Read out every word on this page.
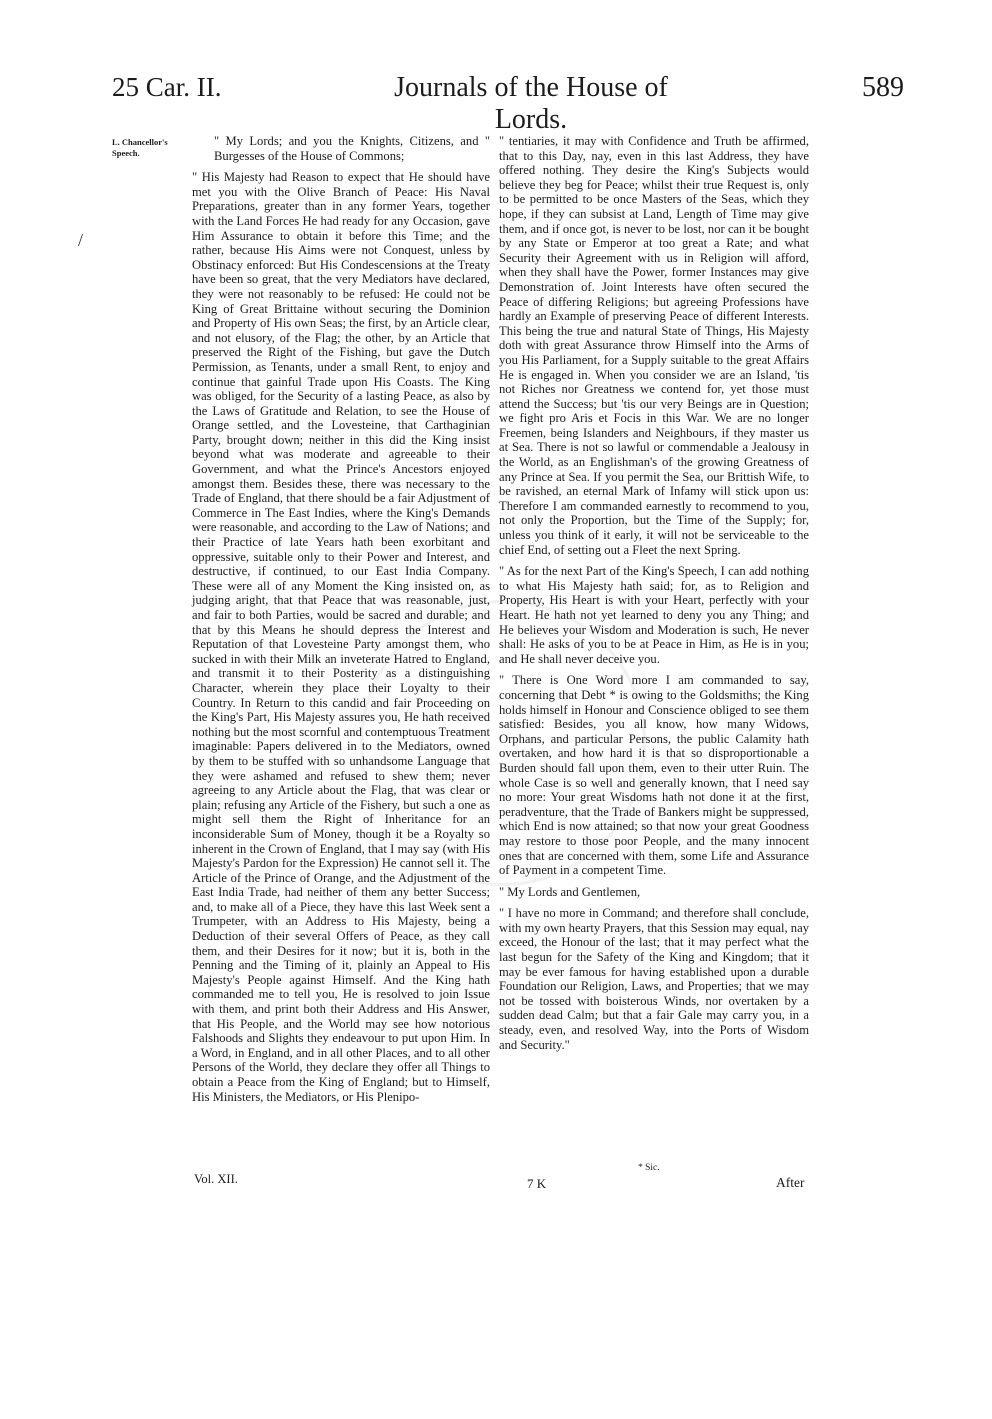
25 Car. II.	Journals of the House of Lords.
589
L. Chancellor's Speech.
/

" My Lords; and you the Knights, Citizens, and " Burgesses of the House of Commons;

" His Majesty had Reason to expect that He should have met you with the Olive Branch of Peace: His Naval Preparations, greater than in any former Years, together with the Land Forces He had ready for any Occasion, gave Him Assurance to obtain it before this Time; and the rather, because His Aims were not Conquest, unless by Obstinacy enforced: But His Condescensions at the Treaty have been so great, that the very Mediators have declared, they were not reasonably to be refused: He could not be King of Great Brittaine without securing the Dominion and Property of His own Seas; the first, by an Article clear, and not elusory, of the Flag; the other, by an Article that preserved the Right of the Fishing, but gave the Dutch Permission, as Tenants, under a small Rent, to enjoy and continue that gainful Trade upon His Coasts. The King was obliged, for the Security of a lasting Peace, as also by the Laws of Gratitude and Relation, to see the House of Orange settled, and the Lovesteine, that Carthaginian Party, brought down; neither in this did the King insist beyond what was moderate and agreeable to their Government, and what the Prince's Ancestors enjoyed amongst them. Besides these, there was necessary to the Trade of England, that there should be a fair Adjustment of Commerce in The East Indies, where the King's Demands were reasonable, and according to the Law of Nations; and their Practice of late Years hath been exorbitant and oppressive, suitable only to their Power and Interest, and destructive, if continued, to our East India Company. These were all of any Moment the King insisted on, as judging aright, that that Peace that was reasonable, just, and fair to both Parties, would be sacred and durable; and that by this Means he should depress the Interest and Reputation of that Lovesteine Party amongst them, who sucked in with their Milk an inveterate Hatred to England, and transmit it to their Posterity as a distinguishing Character, wherein they place their Loyalty to their Country. In Return to this candid and fair Proceeding on the King's Part, His Majesty assures you, He hath received nothing but the most scornful and contemptuous Treatment imaginable: Papers delivered in to the Mediators, owned by them to be stuffed with so unhandsome Language that they were ashamed and refused to shew them; never agreeing to any Article about the Flag, that was clear or plain; refusing any Article of the Fishery, but such a one as might sell them the Right of Inheritance for an inconsiderable Sum of Money, though it be a Royalty so inherent in the Crown of England, that I may say (with His Majesty's Pardon for the Expression) He cannot sell it. The Article of the Prince of Orange, and the Adjustment of the East India Trade, had neither of them any better Success; and, to make all of a Piece, they have this last Week sent a Trumpeter, with an Address to His Majesty, being a Deduction of their several Offers of Peace, as they call them, and their Desires for it now; but it is, both in the Penning and the Timing of it, plainly an Appeal to His Majesty's People against Himself. And the King hath commanded me to tell you, He is resolved to join Issue with them, and print both their Address and His Answer, that His People, and the World may see how notorious Falshoods and Slights they endeavour to put upon Him. In a Word, in England, and in all other Places, and to all other Persons of the World, they declare they offer all Things to obtain a Peace from the King of England; but to Himself, His Ministers, the Mediators, or His Plenipo-

" tentiaries, it may with Confidence and Truth be affirmed, that to this Day, nay, even in this last Address, they have offered nothing. They desire the King's Subjects would believe they beg for Peace; whilst their true Request is, only to be permitted to be once Masters of the Seas, which they hope, if they can subsist at Land, Length of Time may give them, and if once got, is never to be lost, nor can it be bought by any State or Emperor at too great a Rate; and what Security their Agreement with us in Religion will afford, when they shall have the Power, former Instances may give Demonstration of. Joint Interests have often secured the Peace of differing Religions; but agreeing Professions have hardly an Example of preserving Peace of different Interests. This being the true and natural State of Things, His Majesty doth with great Assurance throw Himself into the Arms of you His Parliament, for a Supply suitable to the great Affairs He is engaged in. When you consider we are an Island, 'tis not Riches nor Greatness we contend for, yet those must attend the Success; but 'tis our very Beings are in Question; we fight pro Aris et Focis in this War. We are no longer Freemen, being Islanders and Neighbours, if they master us at Sea. There is not so lawful or commendable a Jealousy in the World, as an Englishman's of the growing Greatness of any Prince at Sea. If you permit the Sea, our Brittish Wife, to be ravished, an eternal Mark of Infamy will stick upon us: Therefore I am commanded earnestly to recommend to you, not only the Proportion, but the Time of the Supply; for, unless you think of it early, it will not be serviceable to the chief End, of setting out a Fleet the next Spring.

" As for the next Part of the King's Speech, I can add nothing to what His Majesty hath said; for, as to Religion and Property, His Heart is with your Heart, perfectly with your Heart. He hath not yet learned to deny you any Thing; and He believes your Wisdom and Moderation is such, He never shall: He asks of you to be at Peace in Him, as He is in you; and He shall never deceive you.

" There is One Word more I am commanded to say, concerning that Debt * is owing to the Goldsmiths; the King holds himself in Honour and Conscience obliged to see them satisfied: Besides, you all know, how many Widows, Orphans, and particular Persons, the public Calamity hath overtaken, and how hard it is that so disproportionable a Burden should fall upon them, even to their utter Ruin. The whole Case is so well and generally known, that I need say no more: Your great Wisdoms hath not done it at the first, peradventure, that the Trade of Bankers might be suppressed, which End is now attained; so that now your great Goodness may restore to those poor People, and the many innocent ones that are concerned with them, some Life and Assurance of Payment in a competent Time.

" My Lords and Gentlemen,

" I have no more in Command; and therefore shall conclude, with my own hearty Prayers, that this Session may equal, nay exceed, the Honour of the last; that it may perfect what the last begun for the Safety of the King and Kingdom; that it may be ever famous for having established upon a durable Foundation our Religion, Laws, and Properties; that we may not be tossed with boisterous Winds, nor overtaken by a sudden dead Calm; but that a fair Gale may carry you, in a steady, even, and resolved Way, into the Ports of Wisdom and Security."

Vol. XII.
* Sic.
7 K	After
